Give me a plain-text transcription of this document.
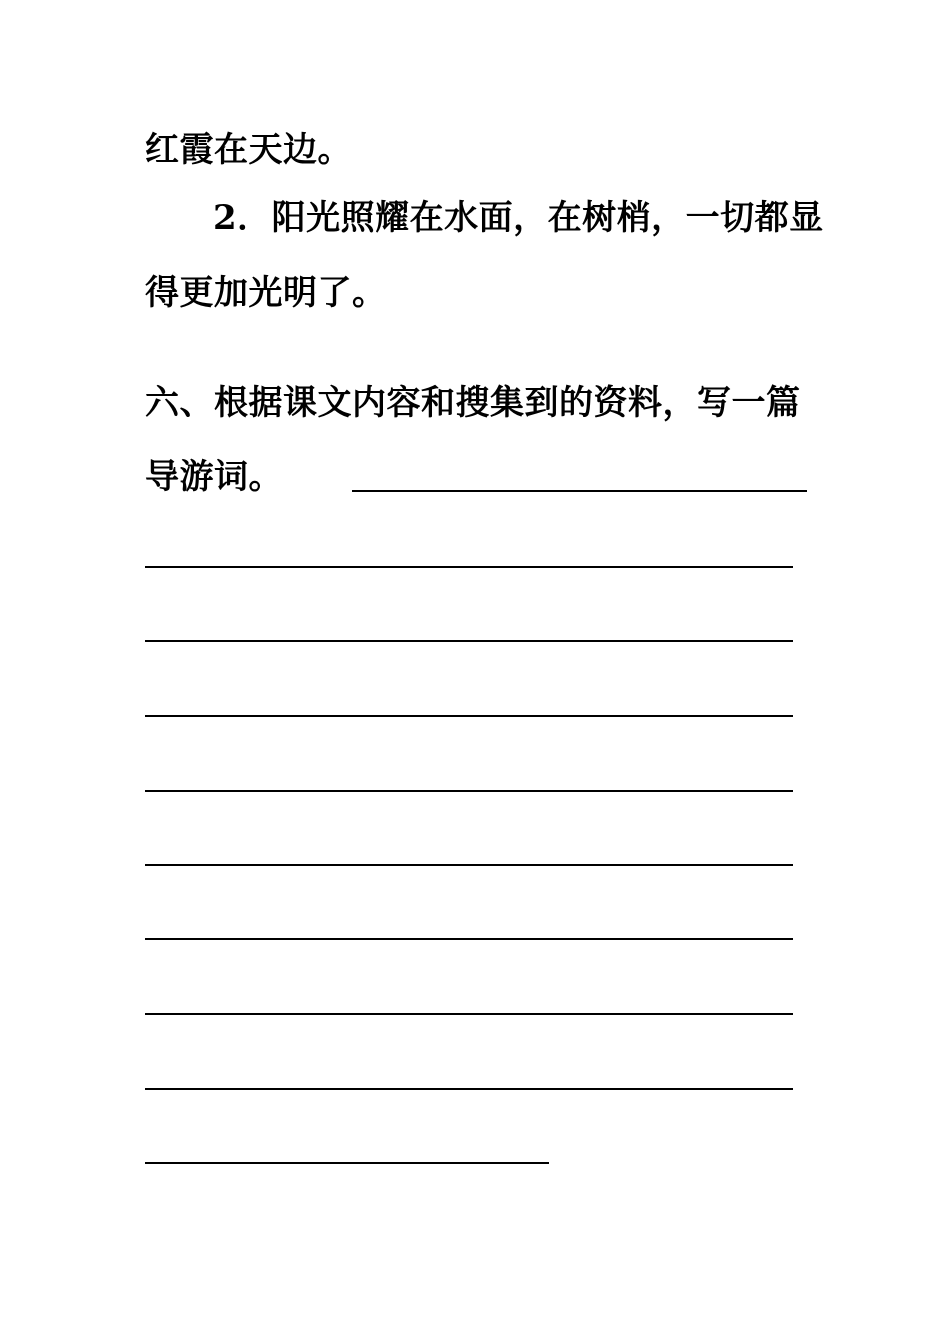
红霞在天边。
2．阳光照耀在水面，在树梢，一切都显
得更加光明了。
六、根据课文内容和搜集到的资料，写一篇
导游词。
